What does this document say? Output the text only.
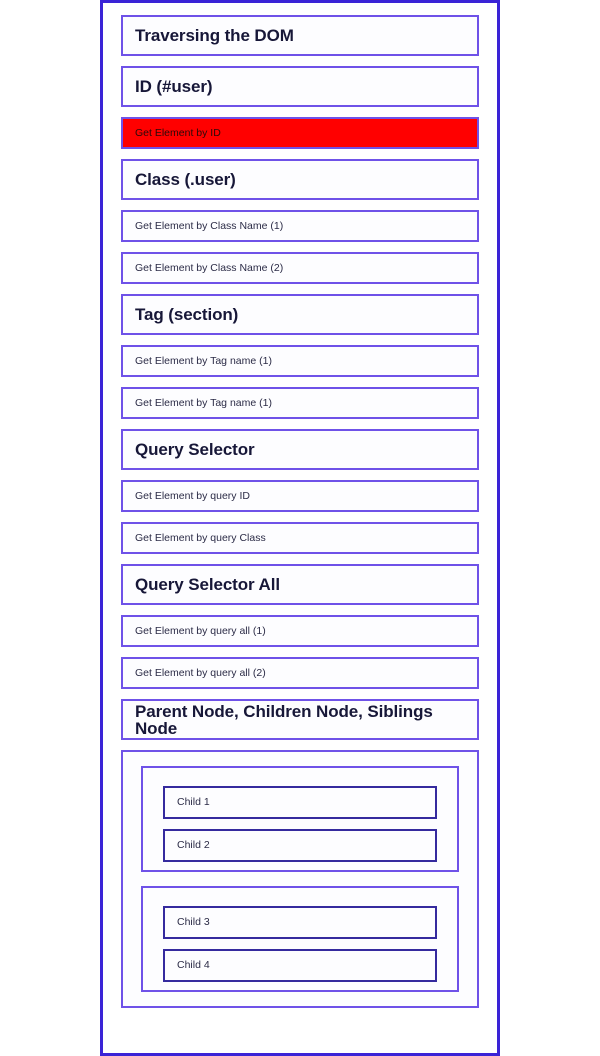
Traversing the DOM
ID (#user)
Get Element by ID
Class (.user)
Get Element by Class Name (1)
Get Element by Class Name (2)
Tag (section)
Get Element by Tag name (1)
Get Element by Tag name (1)
Query Selector
Get Element by query ID
Get Element by query Class
Query Selector All
Get Element by query all (1)
Get Element by query all (2)
Parent Node, Children Node, Siblings Node
Child 1
Child 2
Child 3
Child 4
